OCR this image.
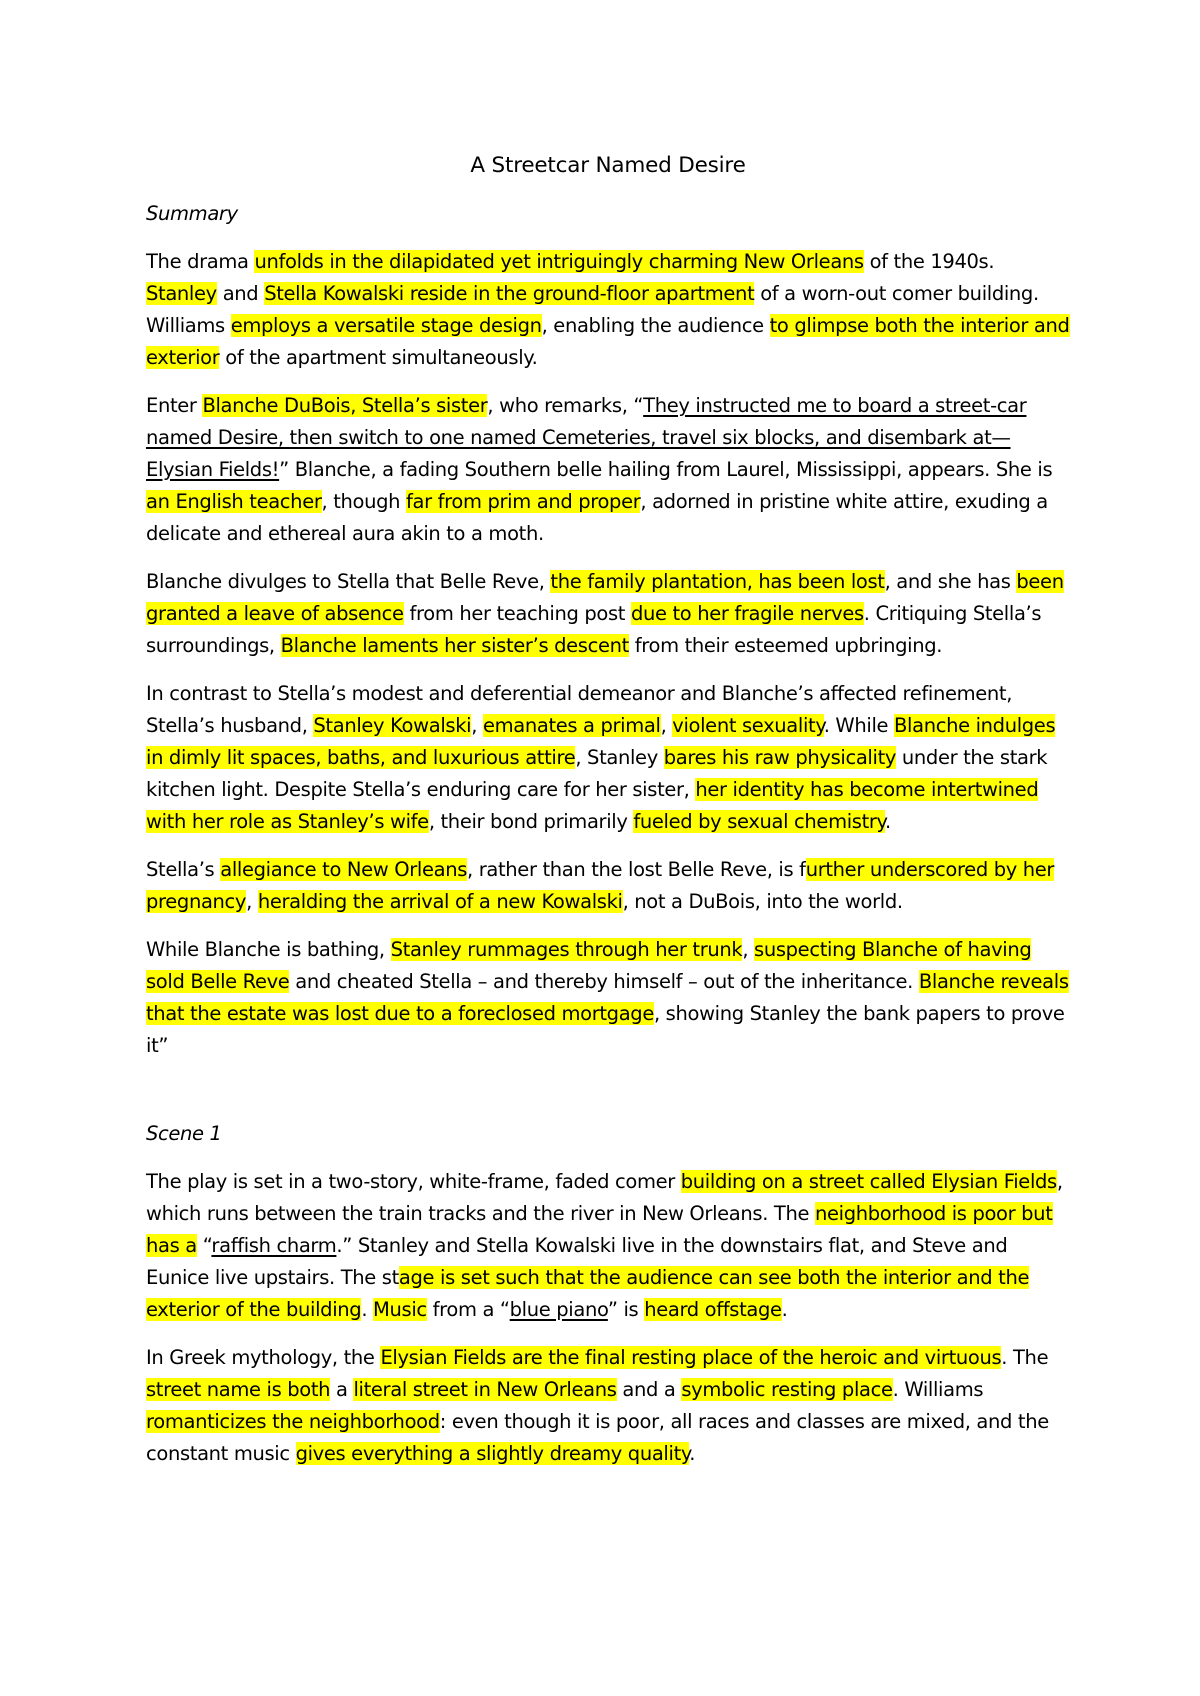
A Streetcar Named Desire
Summary
The drama unfolds in the dilapidated yet intriguingly charming New Orleans of the 1940s. Stanley and Stella Kowalski reside in the ground-floor apartment of a worn-out comer building. Williams employs a versatile stage design, enabling the audience to glimpse both the interior and exterior of the apartment simultaneously.
Enter Blanche DuBois, Stella’s sister, who remarks, “They instructed me to board a street-car named Desire, then switch to one named Cemeteries, travel six blocks, and disembark at—Elysian Fields!” Blanche, a fading Southern belle hailing from Laurel, Mississippi, appears. She is an English teacher, though far from prim and proper, adorned in pristine white attire, exuding a delicate and ethereal aura akin to a moth.
Blanche divulges to Stella that Belle Reve, the family plantation, has been lost, and she has been granted a leave of absence from her teaching post due to her fragile nerves. Critiquing Stella’s surroundings, Blanche laments her sister’s descent from their esteemed upbringing.
In contrast to Stella’s modest and deferential demeanor and Blanche’s affected refinement, Stella’s husband, Stanley Kowalski, emanates a primal, violent sexuality. While Blanche indulges in dimly lit spaces, baths, and luxurious attire, Stanley bares his raw physicality under the stark kitchen light. Despite Stella’s enduring care for her sister, her identity has become intertwined with her role as Stanley’s wife, their bond primarily fueled by sexual chemistry.
Stella’s allegiance to New Orleans, rather than the lost Belle Reve, is further underscored by her pregnancy, heralding the arrival of a new Kowalski, not a DuBois, into the world.
While Blanche is bathing, Stanley rummages through her trunk, suspecting Blanche of having sold Belle Reve and cheated Stella – and thereby himself – out of the inheritance. Blanche reveals that the estate was lost due to a foreclosed mortgage, showing Stanley the bank papers to prove it”
Scene 1
The play is set in a two-story, white-frame, faded comer building on a street called Elysian Fields, which runs between the train tracks and the river in New Orleans. The neighborhood is poor but has a “raffish charm.” Stanley and Stella Kowalski live in the downstairs flat, and Steve and Eunice live upstairs. The stage is set such that the audience can see both the interior and the exterior of the building. Music from a “blue piano” is heard offstage.
In Greek mythology, the Elysian Fields are the final resting place of the heroic and virtuous. The street name is both a literal street in New Orleans and a symbolic resting place. Williams romanticizes the neighborhood: even though it is poor, all races and classes are mixed, and the constant music gives everything a slightly dreamy quality.
